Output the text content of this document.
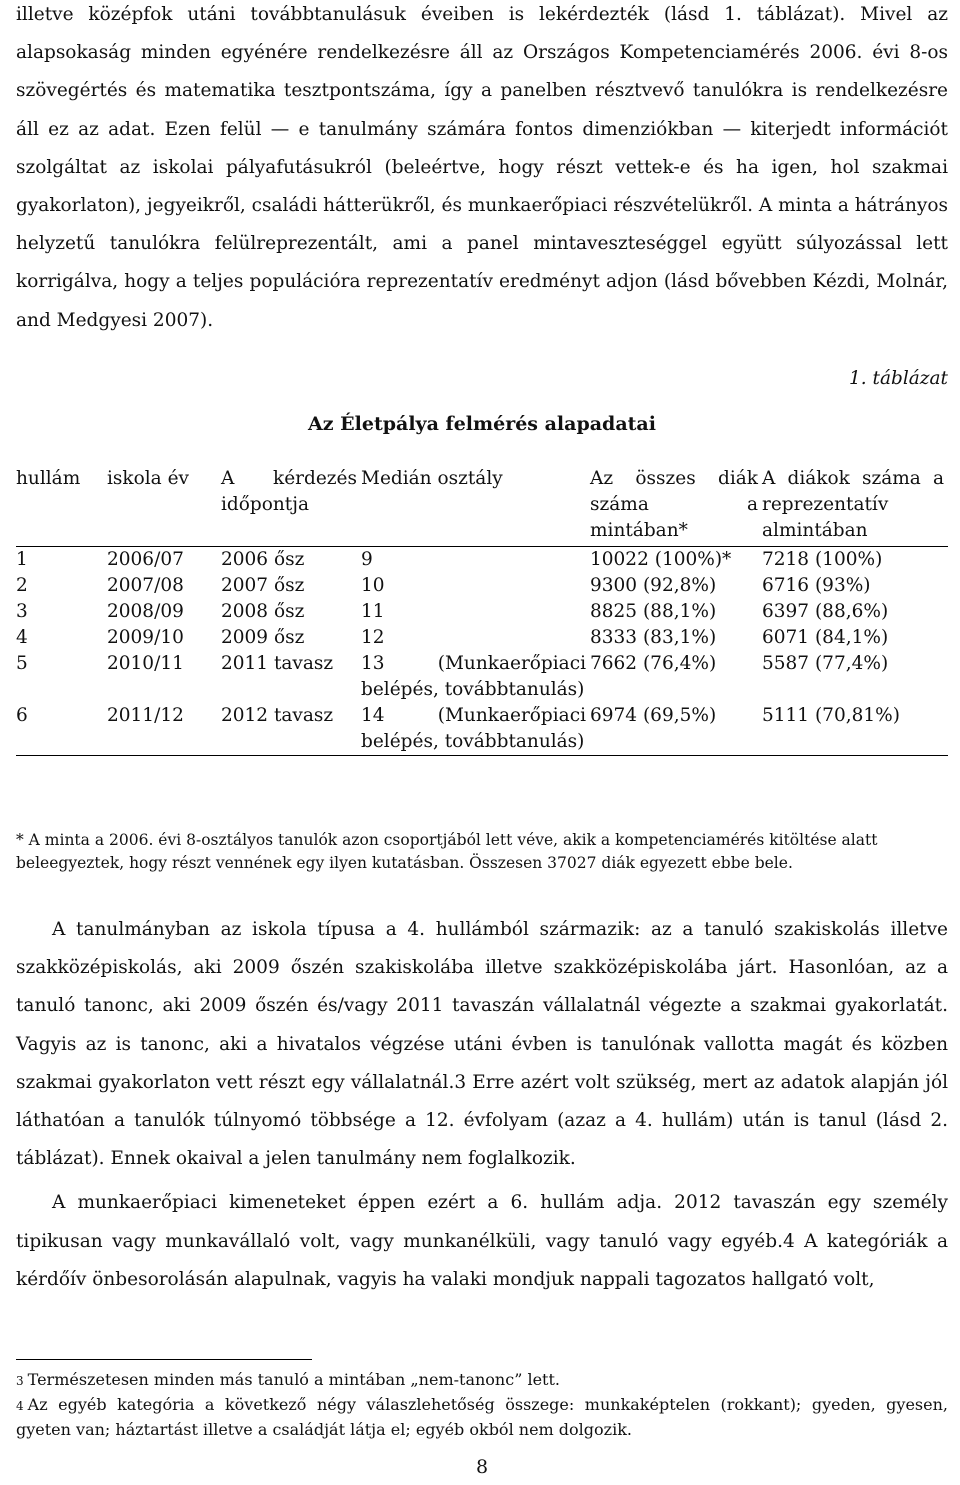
illetve középfok utáni továbbtanulásuk éveiben is lekérdezték (lásd 1. táblázat). Mivel az alapsokaság minden egyénére rendelkezésre áll az Országos Kompetenciamérés 2006. évi 8-os szövegértés és matematika tesztpontszáma, így a panelben résztvevő tanulókra is rendelkezésre áll ez az adat. Ezen felül — e tanulmány számára fontos dimenziókban — kiterjedt információt szolgáltat az iskolai pályafutásukról (beleértve, hogy részt vettek-e és ha igen, hol szakmai gyakorlaton), jegyeikről, családi hátterükről, és munkaerőpiaci részvételükről. A minta a hátrányos helyzetű tanulókra felülreprezentált, ami a panel mintaveszteséggel együtt súlyozással lett korrigálva, hogy a teljes populációra reprezentatív eredményt adjon (lásd bővebben Kézdi, Molnár, and Medgyesi 2007).

1. táblázat
Az Életpálya felmérés alapadatai
hullám	iskola év	A kérdezés időpontja	Medián osztály	Az összes diák száma a mintában*	A diákok száma a reprezentatív almintában
1	2006/07	2006 ősz	9	10022 (100%)*	7218 (100%)
2	2007/08	2007 ősz	10	9300 (92,8%)	6716 (93%)
3	2008/09	2008 ősz	11	8825 (88,1%)	6397 (88,6%)
4	2009/10	2009 ősz	12	8333 (83,1%)	6071 (84,1%)
5	2010/11	2011 tavasz	13 (Munkaerőpiaci belépés, továbbtanulás)	7662 (76,4%)	5587 (77,4%)
6	2011/12	2012 tavasz	14 (Munkaerőpiaci belépés, továbbtanulás)	6974 (69,5%)	5111 (70,81%)

* A minta a 2006. évi 8-osztályos tanulók azon csoportjából lett véve, akik a kompetenciamérés kitöltése alatt beleegyeztek, hogy részt vennének egy ilyen kutatásban. Összesen 37027 diák egyezett ebbe bele.

A tanulmányban az iskola típusa a 4. hullámból származik: az a tanuló szakiskolás illetve szakközépiskolás, aki 2009 őszén szakiskolába illetve szakközépiskolába járt. Hasonlóan, az a tanuló tanonc, aki 2009 őszén és/vagy 2011 tavaszán vállalatnál végezte a szakmai gyakorlatát. Vagyis az is tanonc, aki a hivatalos végzése utáni évben is tanulónak vallotta magát és közben szakmai gyakorlaton vett részt egy vállalatnál.3 Erre azért volt szükség, mert az adatok alapján jól láthatóan a tanulók túlnyomó többsége a 12. évfolyam (azaz a 4. hullám) után is tanul (lásd 2. táblázat). Ennek okaival a jelen tanulmány nem foglalkozik.

A munkaerőpiaci kimeneteket éppen ezért a 6. hullám adja. 2012 tavaszán egy személy tipikusan vagy munkavállaló volt, vagy munkanélküli, vagy tanuló vagy egyéb.4 A kategóriák a kérdőív önbesorolásán alapulnak, vagyis ha valaki mondjuk nappali tagozatos hallgató volt,

3 Természetesen minden más tanuló a mintában „nem-tanonc” lett.

4 Az egyéb kategória a következő négy válaszlehetőség összege: munkaképtelen (rokkant); gyeden, gyesen, gyeten van; háztartást illetve a családját látja el; egyéb okból nem dolgozik.

8
